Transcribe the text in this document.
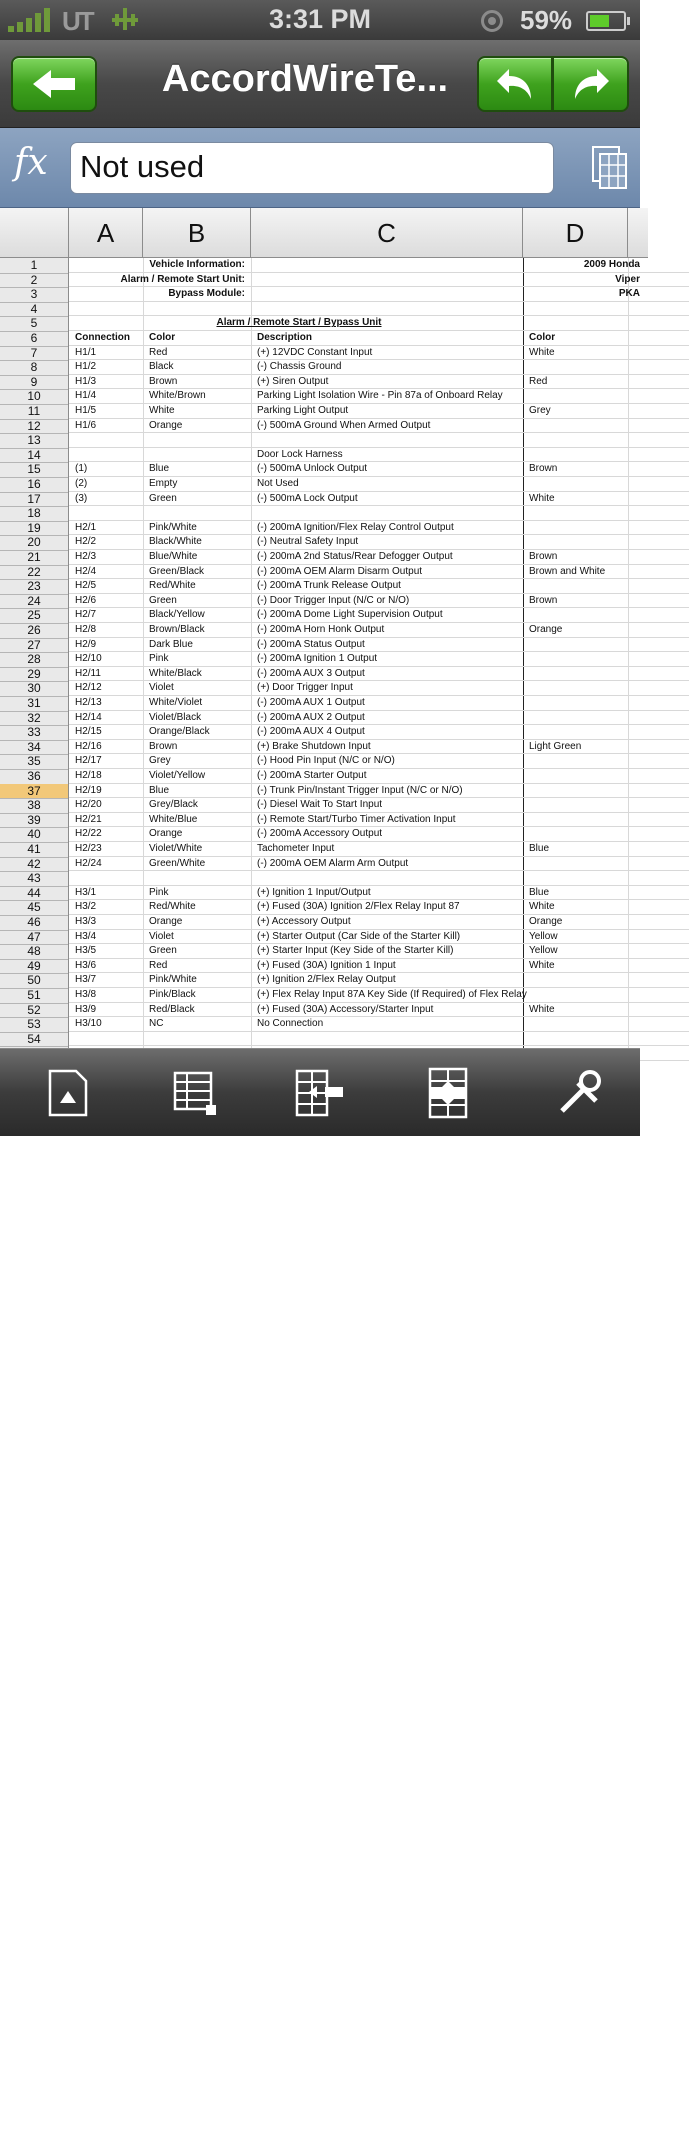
UT	3:31 PM	59%
AccordWireTe...
fx	Not used
A	B	C	D
1
2
3
4
5
6
7
8
9
10
11
12
13
14
15
16
17
18
19
20
21
22
23
24
25
26
27
28
29
30
31
32
33
34
35
36
37
38
39
40
41
42
43
44
45
46
47
48
49
50
51
52
53
54
Vehicle Information:	2009 Honda
Alarm / Remote Start Unit:	Viper
Bypass Module:	PKA
Alarm / Remote Start / Bypass Unit
Connection	Color	Description	Color
H1/1	Red	(+) 12VDC Constant Input	White
H1/2	Black	(-) Chassis Ground
H1/3	Brown	(+) Siren Output	Red
H1/4	White/Brown	Parking Light Isolation Wire - Pin 87a of Onboard Relay
H1/5	White	Parking Light Output	Grey
H1/6	Orange	(-) 500mA Ground When Armed Output
Door Lock Harness
(1)	Blue	(-) 500mA Unlock Output	Brown
(2)	Empty	Not Used
(3)	Green	(-) 500mA Lock Output	White
H2/1	Pink/White	(-) 200mA Ignition/Flex Relay Control Output
H2/2	Black/White	(-) Neutral Safety Input
H2/3	Blue/White	(-) 200mA 2nd Status/Rear Defogger Output	Brown
H2/4	Green/Black	(-) 200mA OEM Alarm Disarm Output	Brown and White
H2/5	Red/White	(-) 200mA Trunk Release Output
H2/6	Green	(-) Door Trigger Input (N/C or N/O)	Brown
H2/7	Black/Yellow	(-) 200mA Dome Light Supervision Output
H2/8	Brown/Black	(-) 200mA Horn Honk Output	Orange
H2/9	Dark Blue	(-) 200mA Status Output
H2/10	Pink	(-) 200mA Ignition 1 Output
H2/11	White/Black	(-) 200mA AUX 3 Output
H2/12	Violet	(+) Door Trigger Input
H2/13	White/Violet	(-) 200mA AUX 1 Output
H2/14	Violet/Black	(-) 200mA AUX 2 Output
H2/15	Orange/Black	(-) 200mA AUX 4 Output
H2/16	Brown	(+) Brake Shutdown Input	Light Green
H2/17	Grey	(-) Hood Pin Input (N/C or N/O)
H2/18	Violet/Yellow	(-) 200mA Starter Output
H2/19	Blue	(-) Trunk Pin/Instant Trigger Input (N/C or N/O)
H2/20	Grey/Black	(-) Diesel Wait To Start Input
H2/21	White/Blue	(-) Remote Start/Turbo Timer Activation Input
H2/22	Orange	(-) 200mA Accessory Output
H2/23	Violet/White	Tachometer Input	Blue
H2/24	Green/White	(-) 200mA OEM Alarm Arm Output
H3/1	Pink	(+) Ignition 1 Input/Output	Blue
H3/2	Red/White	(+) Fused (30A) Ignition 2/Flex Relay Input 87	White
H3/3	Orange	(+) Accessory Output	Orange
H3/4	Violet	(+) Starter Output (Car Side of the Starter Kill)	Yellow
H3/5	Green	(+) Starter Input (Key Side of the Starter Kill)	Yellow
H3/6	Red	(+) Fused (30A) Ignition 1 Input	White
H3/7	Pink/White	(+) Ignition 2/Flex Relay Output
H3/8	Pink/Black	(+) Flex Relay Input 87A Key Side (If Required) of Flex Relay
H3/9	Red/Black	(+) Fused (30A) Accessory/Starter Input	White
H3/10	NC	No Connection
the12volt.com
